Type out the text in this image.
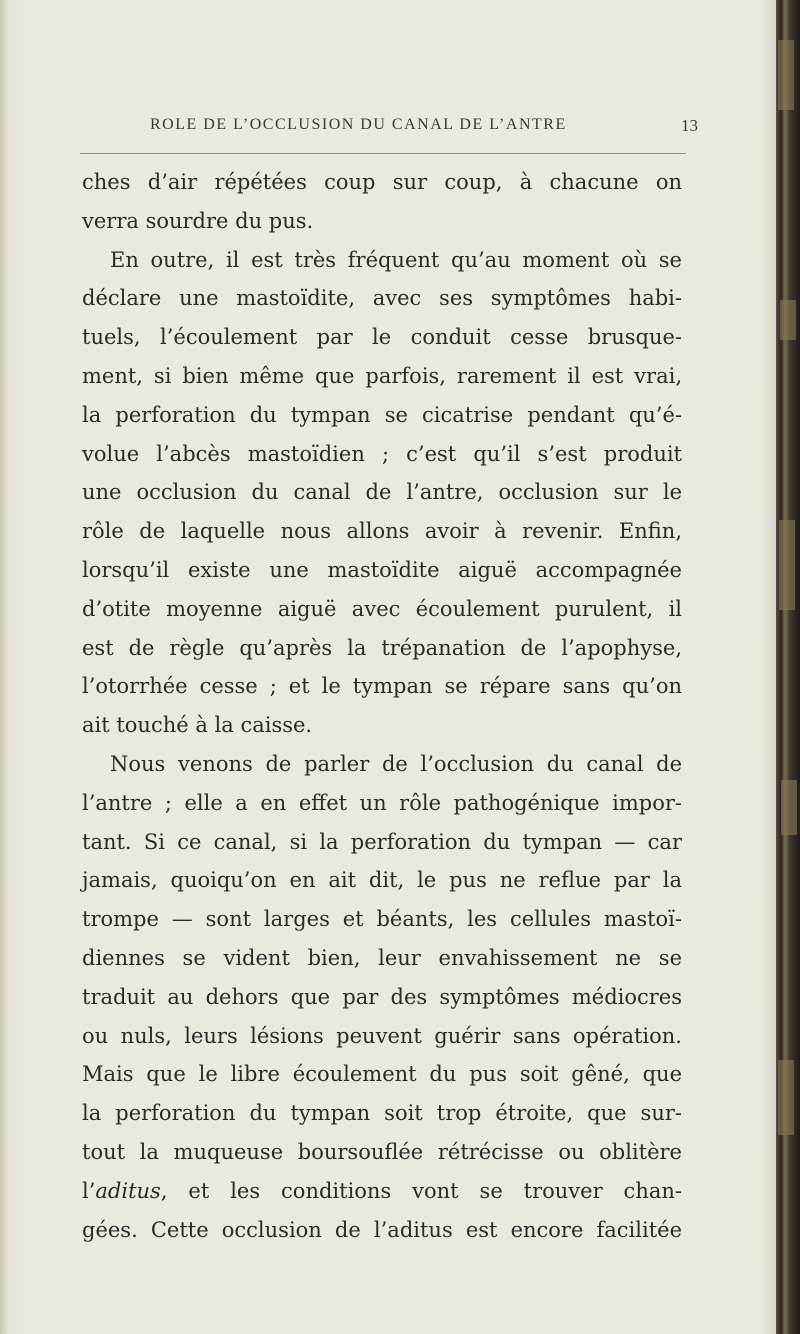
ROLE DE L’OCCLUSION DU CANAL DE L’ANTRE	13
ches d’air répétées coup sur coup, à chacune on
verra sourdre du pus.
En outre, il est très fréquent qu’au moment où se
déclare une mastoïdite, avec ses symptômes habi-
tuels, l’écoulement par le conduit cesse brusque-
ment, si bien même que parfois, rarement il est vrai,
la perforation du tympan se cicatrise pendant qu’é-
volue l’abcès mastoïdien ; c’est qu’il s’est produit
une occlusion du canal de l’antre, occlusion sur le
rôle de laquelle nous allons avoir à revenir. Enfin,
lorsqu’il existe une mastoïdite aiguë accompagnée
d’otite moyenne aiguë avec écoulement purulent, il
est de règle qu’après la trépanation de l’apophyse,
l’otorrhée cesse ; et le tympan se répare sans qu’on
ait touché à la caisse.
Nous venons de parler de l’occlusion du canal de
l’antre ; elle a en effet un rôle pathogénique impor-
tant. Si ce canal, si la perforation du tympan — car
jamais, quoiqu’on en ait dit, le pus ne reflue par la
trompe — sont larges et béants, les cellules mastoï-
diennes se vident bien, leur envahissement ne se
traduit au dehors que par des symptômes médiocres
ou nuls, leurs lésions peuvent guérir sans opération.
Mais que le libre écoulement du pus soit gêné, que
la perforation du tympan soit trop étroite, que sur-
tout la muqueuse boursouflée rétrécisse ou oblitère
l’aditus, et les conditions vont se trouver chan-
gées. Cette occlusion de l’aditus est encore facilitée
